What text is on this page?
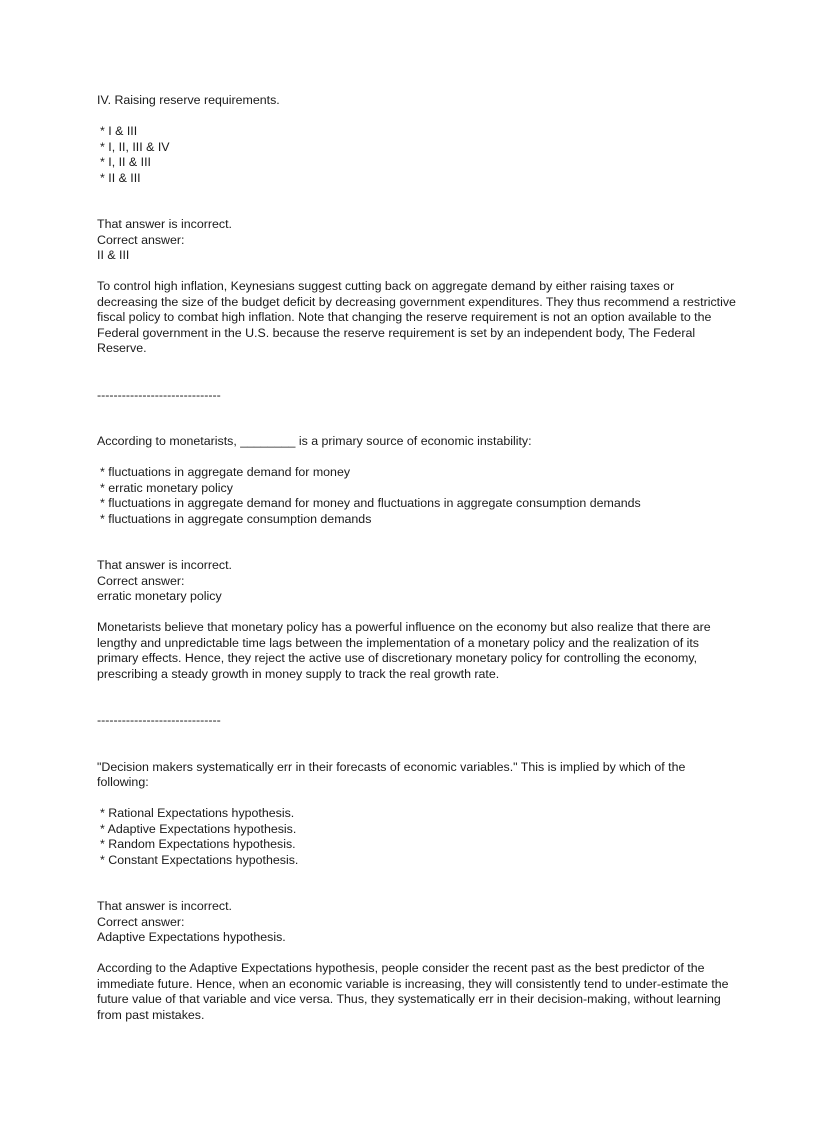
IV. Raising reserve requirements.
* I & III
* I, II, III & IV
* I, II & III
* II & III
That answer is incorrect.
Correct answer:
II & III
To control high inflation, Keynesians suggest cutting back on aggregate demand by either raising taxes or decreasing the size of the budget deficit by decreasing government expenditures. They thus recommend a restrictive fiscal policy to combat high inflation. Note that changing the reserve requirement is not an option available to the Federal government in the U.S. because the reserve requirement is set by an independent body, The Federal Reserve.
------------------------------
According to monetarists, ________ is a primary source of economic instability:
* fluctuations in aggregate demand for money
* erratic monetary policy
* fluctuations in aggregate demand for money and fluctuations in aggregate consumption demands
* fluctuations in aggregate consumption demands
That answer is incorrect.
Correct answer:
erratic monetary policy
Monetarists believe that monetary policy has a powerful influence on the economy but also realize that there are lengthy and unpredictable time lags between the implementation of a monetary policy and the realization of its primary effects. Hence, they reject the active use of discretionary monetary policy for controlling the economy, prescribing a steady growth in money supply to track the real growth rate.
------------------------------
"Decision makers systematically err in their forecasts of economic variables." This is implied by which of the following:
* Rational Expectations hypothesis.
* Adaptive Expectations hypothesis.
* Random Expectations hypothesis.
* Constant Expectations hypothesis.
That answer is incorrect.
Correct answer:
Adaptive Expectations hypothesis.
According to the Adaptive Expectations hypothesis, people consider the recent past as the best predictor of the immediate future. Hence, when an economic variable is increasing, they will consistently tend to under-estimate the future value of that variable and vice versa. Thus, they systematically err in their decision-making, without learning from past mistakes.
